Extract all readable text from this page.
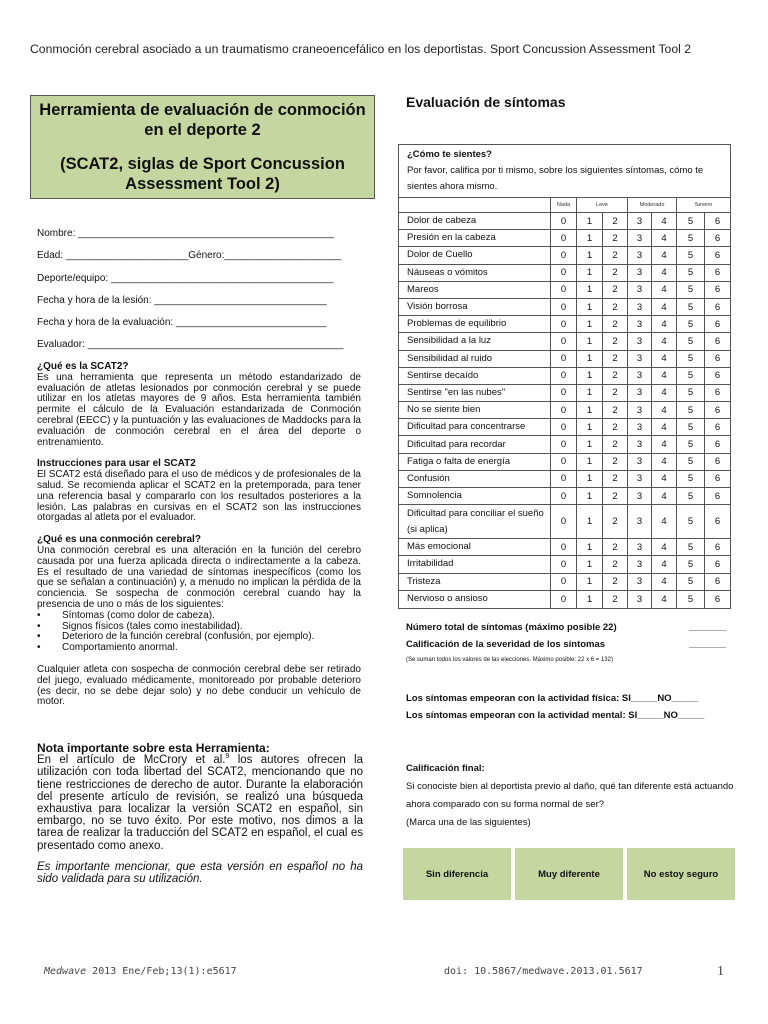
Conmoción cerebral asociado a un traumatismo craneoencefálico en los deportistas. Sport Concussion Assessment Tool 2
Herramienta de evaluación de conmoción en el deporte 2
(SCAT2, siglas de Sport Concussion Assessment Tool 2)
Nombre: ______________________________________________
Edad: ______________________Género:_____________________
Deporte/equipo: ________________________________________
Fecha y hora de la lesión: _______________________________
Fecha y hora de la evaluación: ___________________________
Evaluador: ______________________________________________
¿Qué es la SCAT2?

Es una herramienta que representa un método estandarizado de evaluación de atletas lesionados por conmoción cerebral y se puede utilizar en los atletas mayores de 9 años. Esta herramienta también permite el cálculo de la Evaluación estandarizada de Conmoción cerebral (EECC) y la puntuación y las evaluaciones de Maddocks para la evaluación de conmoción cerebral en el área del deporte o entrenamiento.

Instrucciones para usar el SCAT2

El SCAT2 está diseñado para el uso de médicos y de profesionales de la salud. Se recomienda aplicar el SCAT2 en la pretemporada, para tener una referencia basal y compararlo con los resultados posteriores a la lesión. Las palabras en cursivas en el SCAT2 son las instrucciones otorgadas al atleta por el evaluador.

¿Qué es una conmoción cerebral?

Una conmoción cerebral es una alteración en la función del cerebro causada por una fuerza aplicada directa o indirectamente a la cabeza. Es el resultado de una variedad de síntomas inespecíficos (como los que se señalan a continuación) y, a menudo no implican la pérdida de la conciencia. Se sospecha de conmoción cerebral cuando hay la presencia de uno o más de los siguientes:

• Síntomas (como dolor de cabeza).
• Signos físicos (tales como inestabilidad).
• Deterioro de la función cerebral (confusión, por ejemplo).
• Comportamiento anormal.

Cualquier atleta con sospecha de conmoción cerebral debe ser retirado del juego, evaluado médicamente, monitoreado por probable deterioro (es decir, no se debe dejar solo) y no debe conducir un vehículo de motor.

Nota importante sobre esta Herramienta:

En el artículo de McCrory et al.$^9$ los autores ofrecen la utilización con toda libertad del SCAT2, mencionando que no tiene restricciones de derecho de autor. Durante la elaboración del presente artículo de revisión, se realizó una búsqueda exhaustiva para localizar la versión SCAT2 en español, sin embargo, no se tuvo éxito. Por este motivo, nos dimos a la tarea de realizar la traducción del SCAT2 en español, el cual es presentado como anexo.

Es importante mencionar, que esta versión en español no ha sido validada para su utilización.

Evaluación de síntomas
¿Cómo te sientes?
Por favor, califica por ti mismo, sobre los siguientes síntomas, cómo te sientes ahora mismo.
Nada	Leve	Moderado	Severo
Dolor de cabeza	0	1	2	3	4	5	6
Presión en la cabeza	0	1	2	3	4	5	6
Dolor de Cuello	0	1	2	3	4	5	6
Náuseas o vómitos	0	1	2	3	4	5	6
Mareos	0	1	2	3	4	5	6
Visión borrosa	0	1	2	3	4	5	6
Problemas de equilibrio	0	1	2	3	4	5	6
Sensibilidad a la luz	0	1	2	3	4	5	6
Sensibilidad al ruido	0	1	2	3	4	5	6
Sentirse decaído	0	1	2	3	4	5	6
Sentirse "en las nubes"	0	1	2	3	4	5	6
No se siente bien	0	1	2	3	4	5	6
Dificultad para concentrarse	0	1	2	3	4	5	6
Dificultad para recordar	0	1	2	3	4	5	6
Fatiga o falta de energía	0	1	2	3	4	5	6
Confusión	0	1	2	3	4	5	6
Somnolencia	0	1	2	3	4	5	6
Dificultad para conciliar el sueño (si aplica)
0	1	2	3	4	5	6
Más emocional	0	1	2	3	4	5	6
Irritabilidad	0	1	2	3	4	5	6
Tristeza	0	1	2	3	4	5	6
Nervioso o ansioso	0	1	2	3	4	5	6
Número total de síntomas (máximo posible 22)	_______
Calificación de la severidad de los síntomas	_______
(Se suman todos los valores de las elecciones. Máximo posible: 22 x 6 = 132)
Los síntomas empeoran con la actividad física: SI_____NO_____
Los síntomas empeoran con la actividad mental: SI_____NO_____
Calificación final:

Si conociste bien al deportista previo al daño, qué tan diferente está actuando ahora comparado con su forma normal de ser?

(Marca una de las siguientes)

Sin diferencia	Muy diferente	No estoy seguro
Medwave 2013 Ene/Feb;13(1):e5617	doi: 10.5867/medwave.2013.01.5617	1
